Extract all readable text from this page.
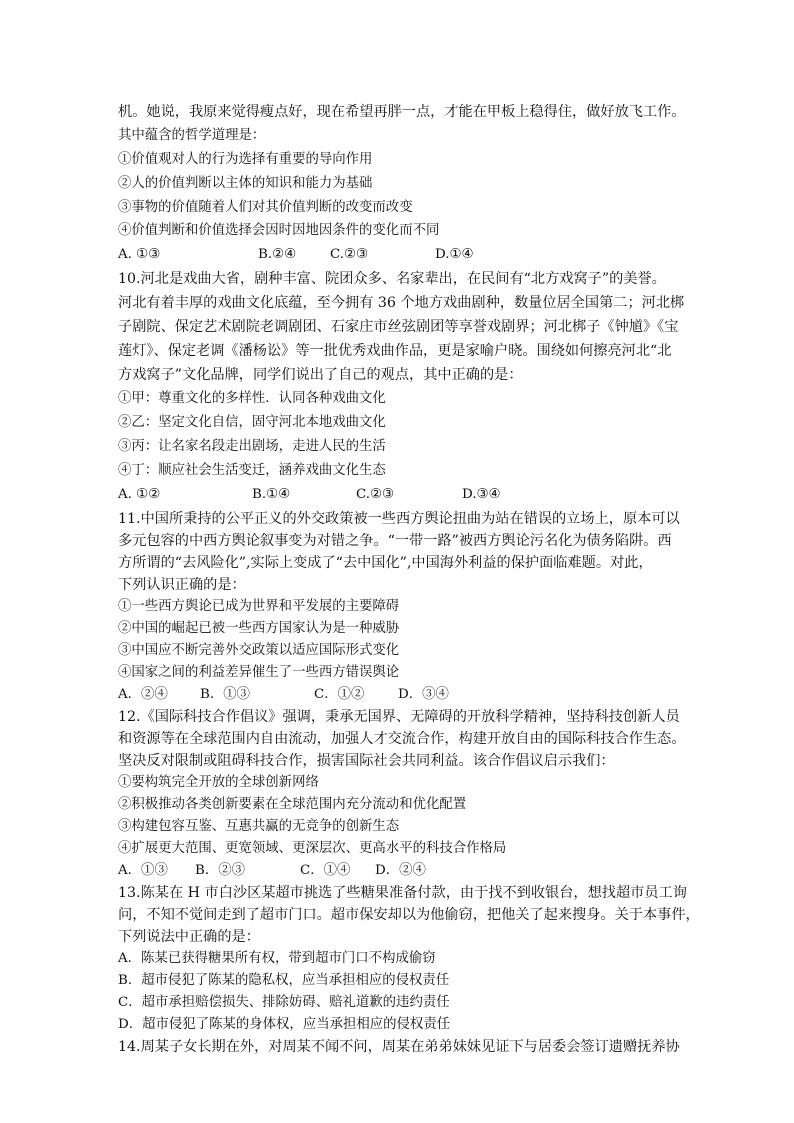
机。她说，我原来觉得瘦点好，现在希望再胖一点，才能在甲板上稳得住，做好放飞工作。
其中蕴含的哲学道理是：
①价值观对人的行为选择有重要的导向作用
②人的价值判断以主体的知识和能力为基础
③事物的价值随着人们对其价值判断的改变而改变
④价值判断和价值选择会因时因地因条件的变化而不同
A. ①③	B.②④	C.②③	D.①④
10.河北是戏曲大省，剧种丰富、院团众多、名家辈出，在民间有“北方戏窝子”的美誉。
河北有着丰厚的戏曲文化底蕴，至今拥有 36 个地方戏曲剧种，数量位居全国第二；河北梆
子剧院、保定艺术剧院老调剧团、石家庄市丝弦剧团等享誉戏剧界；河北梆子《钟馗》《宝
莲灯》、保定老调《潘杨讼》等一批优秀戏曲作品，更是家喻户晓。围绕如何擦亮河北“北
方戏窝子”文化品牌，同学们说出了自己的观点，其中正确的是：
①甲：尊重文化的多样性．认同各种戏曲文化
②乙：坚定文化自信，固守河北本地戏曲文化
③丙：让名家名段走出剧场，走进人民的生活
④丁：顺应社会生活变迁，涵养戏曲文化生态
A. ①②	B.①④	C.②③	D.③④
11.中国所秉持的公平正义的外交政策被一些西方舆论扭曲为站在错误的立场上，原本可以
多元包容的中西方舆论叙事变为对错之争。“一带一路”被西方舆论污名化为债务陷阱。西
方所谓的“去风险化”,实际上变成了“去中国化”,中国海外利益的保护面临难题。对此，
下列认识正确的是：
①一些西方舆论已成为世界和平发展的主要障碍
②中国的崛起已被一些西方国家认为是一种威胁
③中国应不断完善外交政策以适应国际形式变化
④国家之间的利益差异催生了一些西方错误舆论
A．②④ B．①③	C．①②	D．③④
12.《国际科技合作倡议》强调，秉承无国界、无障碍的开放科学精神，坚持科技创新人员
和资源等在全球范围内自由流动，加强人才交流合作，构建开放自由的国际科技合作生态。
坚决反对限制或阻碍科技合作，损害国际社会共同利益。该合作倡议启示我们：
①要构筑完全开放的全球创新网络
②积极推动各类创新要素在全球范围内充分流动和优化配置
③构建包容互鉴、互惠共赢的无竞争的创新生态
④扩展更大范围、更宽领域、更深层次、更高水平的科技合作格局
A．①③ B．②③	C．①④ D．②④
13.陈某在 H 市白沙区某超市挑选了些糖果准备付款，由于找不到收银台，想找超市员工询
问，不知不觉间走到了超市门口。超市保安却以为他偷窃，把他关了起来搜身。关于本事件，
下列说法中正确的是：
A．陈某已获得糖果所有权，带到超市门口不构成偷窃
B．超市侵犯了陈某的隐私权，应当承担相应的侵权责任
C．超市承担赔偿损失、排除妨碍、赔礼道歉的违约责任
D．超市侵犯了陈某的身体权，应当承担相应的侵权责任
14.周某子女长期在外，对周某不闻不问，周某在弟弟妹妹见证下与居委会签订遗赠抚养协
